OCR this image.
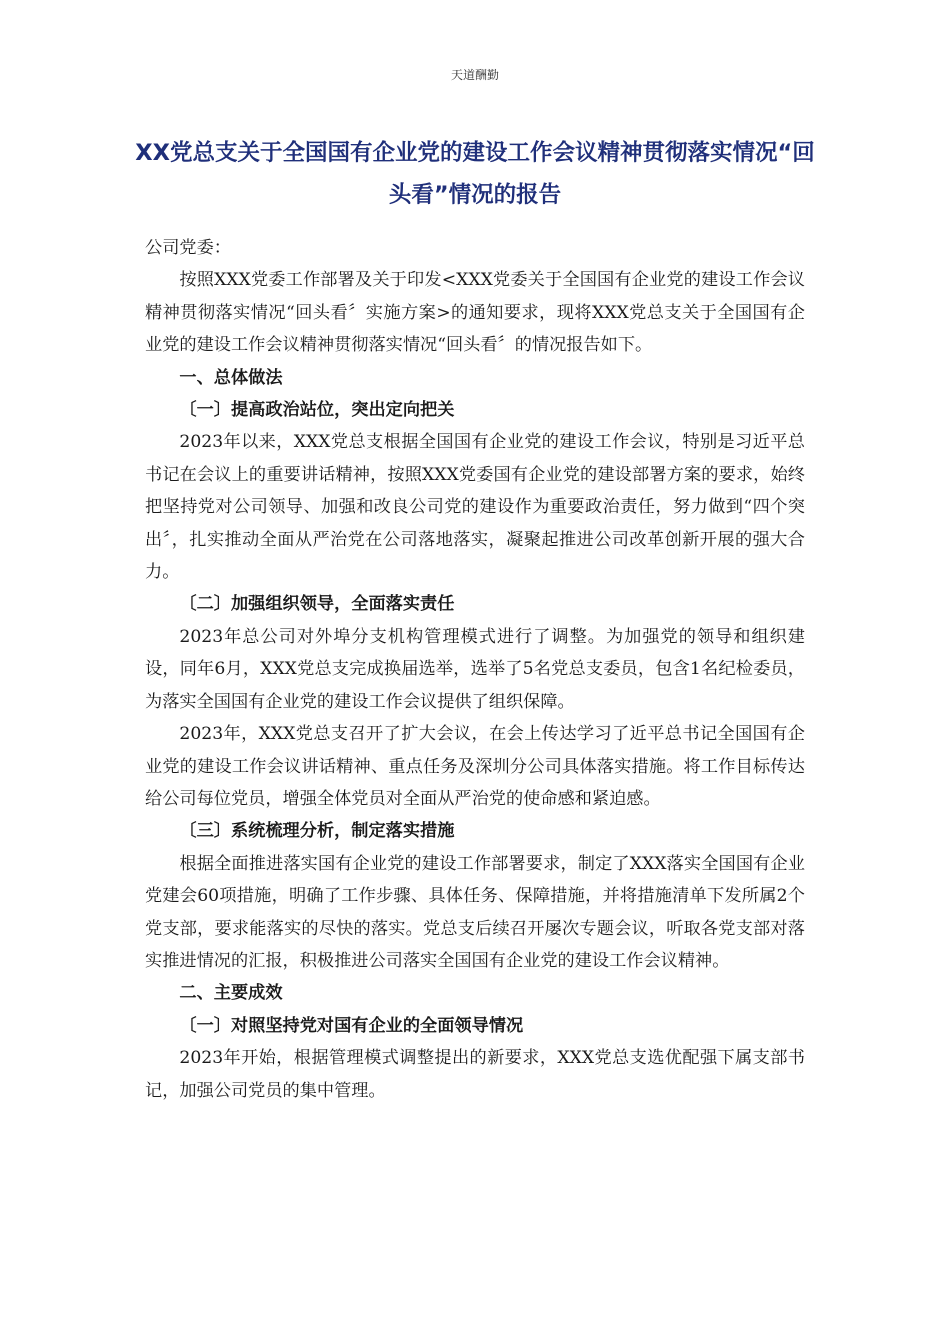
天道酬勤
XX党总支关于全国国有企业党的建设工作会议精神贯彻落实情况“回头看”情况的报告

公司党委：

按照XXX党委工作部署及关于印发<XXX党委关于全国国有企业党的建设工作会议精神贯彻落实情况“回头看〞实施方案>的通知要求，现将XXX党总支关于全国国有企业党的建设工作会议精神贯彻落实情况“回头看〞的情况报告如下。

一、总体做法

〔一〕提高政治站位，突出定向把关

2023年以来，XXX党总支根据全国国有企业党的建设工作会议，特别是习近平总书记在会议上的重要讲话精神，按照XXX党委国有企业党的建设部署方案的要求，始终把坚持党对公司领导、加强和改良公司党的建设作为重要政治责任，努力做到“四个突出〞，扎实推动全面从严治党在公司落地落实，凝聚起推进公司改革创新开展的强大合力。

〔二〕加强组织领导，全面落实责任

2023年总公司对外埠分支机构管理模式进行了调整。为加强党的领导和组织建设，同年6月，XXX党总支完成换届选举，选举了5名党总支委员，包含1名纪检委员，为落实全国国有企业党的建设工作会议提供了组织保障。

2023年，XXX党总支召开了扩大会议，在会上传达学习了近平总书记全国国有企业党的建设工作会议讲话精神、重点任务及深圳分公司具体落实措施。将工作目标传达给公司每位党员，增强全体党员对全面从严治党的使命感和紧迫感。

〔三〕系统梳理分析，制定落实措施

根据全面推进落实国有企业党的建设工作部署要求，制定了XXX落实全国国有企业党建会60项措施，明确了工作步骤、具体任务、保障措施，并将措施清单下发所属2个党支部，要求能落实的尽快的落实。党总支后续召开屡次专题会议，听取各党支部对落实推进情况的汇报，积极推进公司落实全国国有企业党的建设工作会议精神。

二、主要成效

〔一〕对照坚持党对国有企业的全面领导情况

2023年开始，根据管理模式调整提出的新要求，XXX党总支选优配强下属支部书记，加强公司党员的集中管理。
